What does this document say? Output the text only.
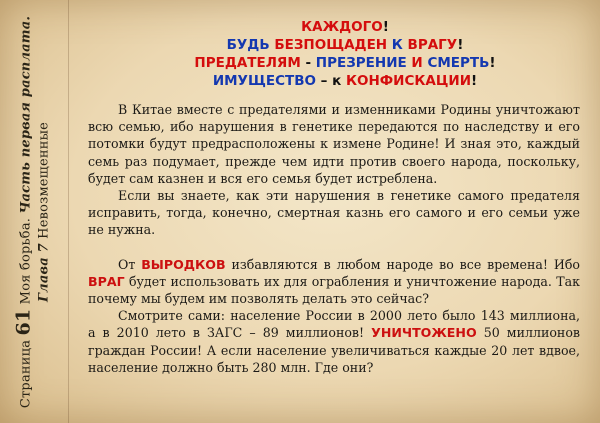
Страница 61 Моя борьба. Часть первая расплата.
Глава 7 Невозмещенные
КАЖДОГО!
БУДЬ БЕЗПОЩАДЕН К ВРАГУ!
ПРЕДАТЕЛЯМ - ПРЕЗРЕНИЕ И СМЕРТЬ!
ИМУЩЕСТВО – к КОНФИСКАЦИИ!

В Китае вместе с предателями и изменниками Родины уничтожают всю семью, ибо нарушения в генетике передаются по наследству и его потомки будут предрасположены к измене Родине! И зная это, каждый семь раз подумает, прежде чем идти против своего народа, поскольку, будет сам казнен и вся его семья будет истреблена.

Если вы знаете, как эти нарушения в генетике самого предателя исправить, тогда, конечно, смертная казнь его самого и его семьи уже не нужна.

От ВЫРОДКОВ избавляются в любом народе во все времена! Ибо ВРАГ будет использовать их для ограбления и уничтожение народа. Так почему мы будем им позволять делать это сейчас?

Смотрите сами: население России в 2000 лето было 143 миллиона, а в 2010 лето в ЗАГС – 89 миллионов! УНИЧТОЖЕНО 50 миллионов граждан России! А если население увеличиваться каждые 20 лет вдвое, население должно быть 280 млн. Где они?
